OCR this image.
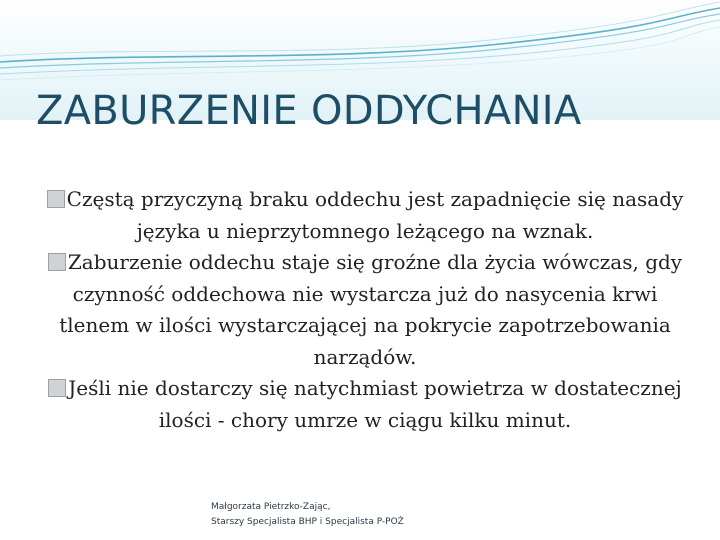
ZABURZENIE ODDYCHANIA

Częstą przyczyną braku oddechu jest zapadnięcie się nasady języka u nieprzytomnego leżącego na wznak.

Zaburzenie oddechu staje się groźne dla życia wówczas, gdy czynność oddechowa nie wystarcza już do nasycenia krwi tlenem w ilości wystarczającej na pokrycie zapotrzebowania narządów.

Jeśli nie dostarczy się natychmiast powietrza w dostatecznej ilości - chory umrze w ciągu kilku minut.

Małgorzata Pietrzko-Zając,
Starszy Specjalista BHP i Specjalista P-POŻ
